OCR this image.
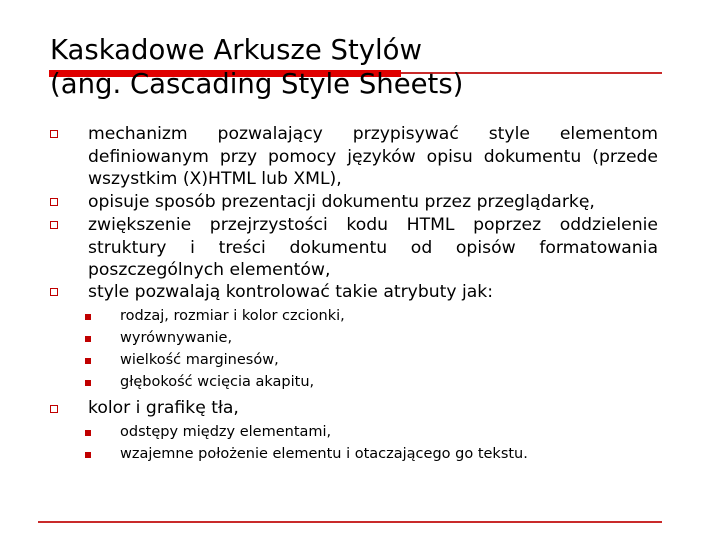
Kaskadowe Arkusze Stylów
(ang. Cascading Style Sheets)
mechanizm pozwalający przypisywać style elementom definiowanym przy pomocy języków opisu dokumentu (przede wszystkim (X)HTML lub XML),
opisuje sposób prezentacji dokumentu przez przeglądarkę,
zwiększenie przejrzystości kodu HTML poprzez oddzielenie struktury i treści dokumentu od opisów formatowania poszczególnych elementów,
style pozwalają kontrolować takie atrybuty jak:
rodzaj, rozmiar i kolor czcionki,
wyrównywanie,
wielkość marginesów,
głębokość wcięcia akapitu,
kolor i grafikę tła,
odstępy między elementami,
wzajemne położenie elementu i otaczającego go tekstu.
